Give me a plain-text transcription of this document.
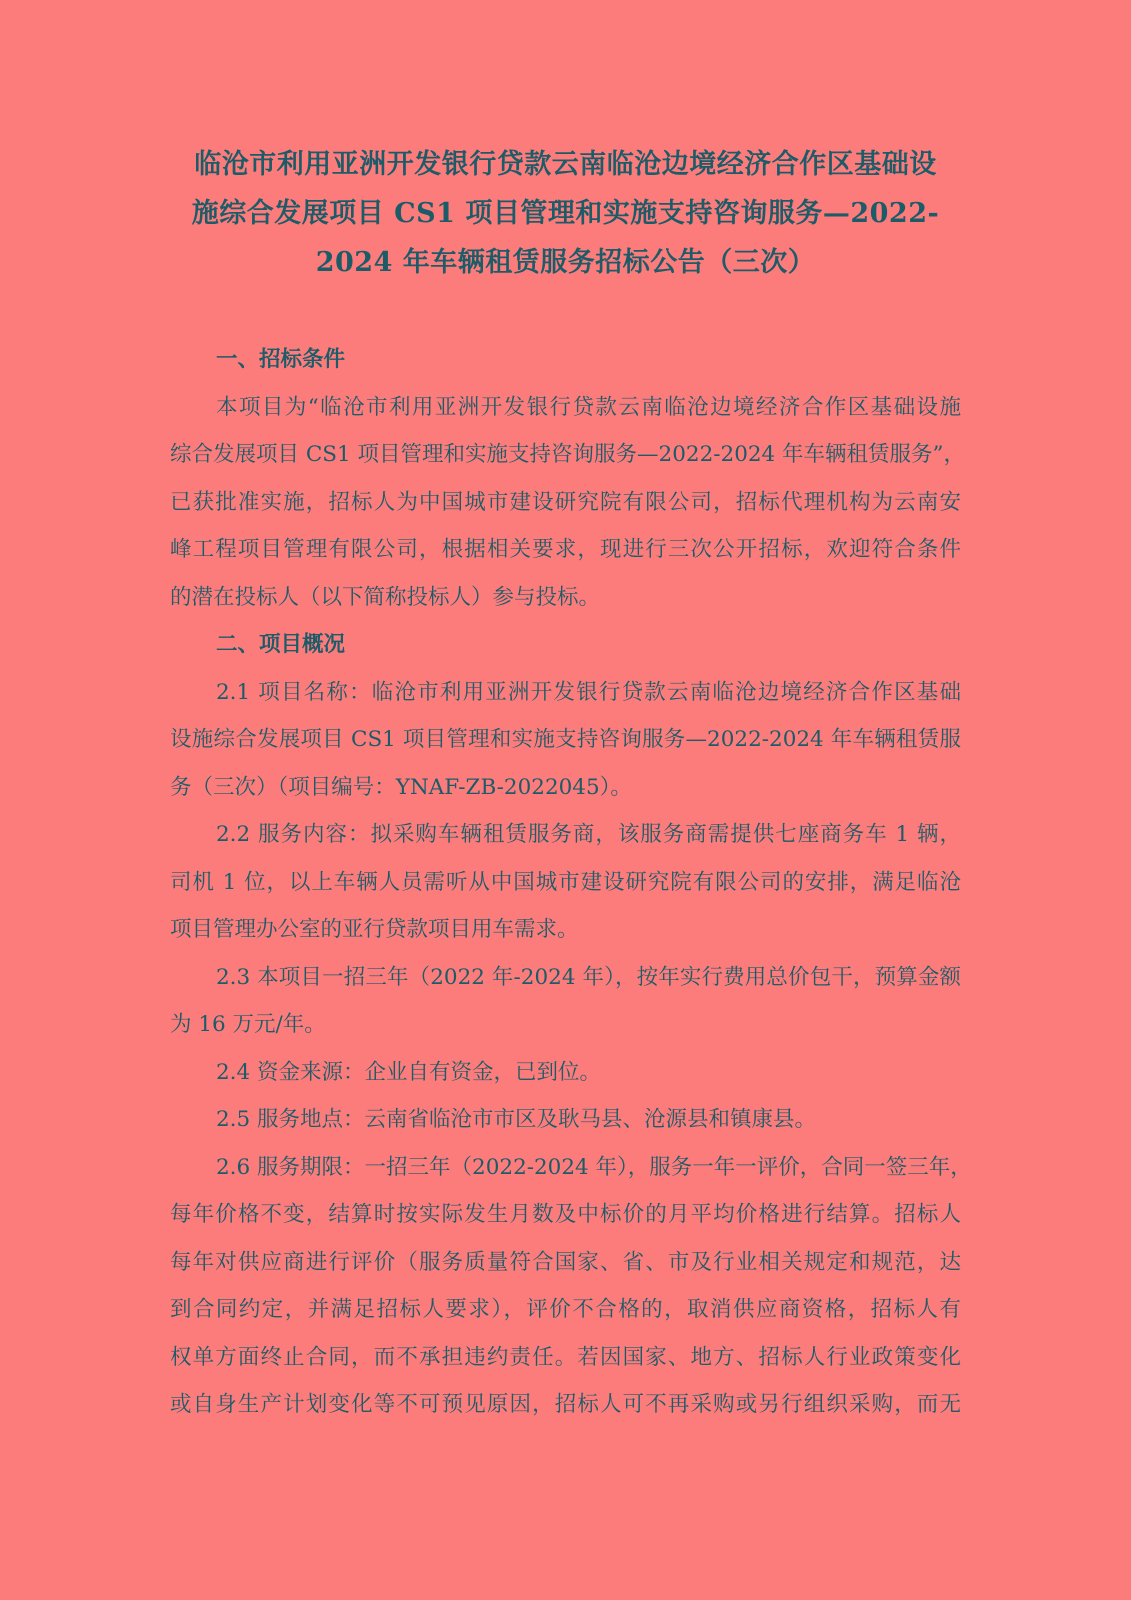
临沧市利用亚洲开发银行贷款云南临沧边境经济合作区基础设
施综合发展项目 CS1 项目管理和实施支持咨询服务—2022-
2024 年车辆租赁服务招标公告（三次）
一、招标条件
本项目为“临沧市利用亚洲开发银行贷款云南临沧边境经济合作区基础设施
综合发展项目 CS1 项目管理和实施支持咨询服务—2022-2024 年车辆租赁服务”，
已获批准实施，招标人为中国城市建设研究院有限公司，招标代理机构为云南安
峰工程项目管理有限公司，根据相关要求，现进行三次公开招标，欢迎符合条件
的潜在投标人（以下简称投标人）参与投标。
二、项目概况
2.1 项目名称：临沧市利用亚洲开发银行贷款云南临沧边境经济合作区基础
设施综合发展项目 CS1 项目管理和实施支持咨询服务—2022-2024 年车辆租赁服
务（三次）（项目编号：YNAF-ZB-2022045）。
2.2 服务内容：拟采购车辆租赁服务商，该服务商需提供七座商务车 1 辆，
司机 1 位，以上车辆人员需听从中国城市建设研究院有限公司的安排，满足临沧
项目管理办公室的亚行贷款项目用车需求。
2.3 本项目一招三年（2022 年-2024 年），按年实行费用总价包干，预算金额
为 16 万元/年。
2.4 资金来源：企业自有资金，已到位。
2.5 服务地点：云南省临沧市市区及耿马县、沧源县和镇康县。
2.6 服务期限：一招三年（2022-2024 年），服务一年一评价，合同一签三年，
每年价格不变，结算时按实际发生月数及中标价的月平均价格进行结算。招标人
每年对供应商进行评价（服务质量符合国家、省、市及行业相关规定和规范，达
到合同约定，并满足招标人要求），评价不合格的，取消供应商资格，招标人有
权单方面终止合同，而不承担违约责任。若因国家、地方、招标人行业政策变化
或自身生产计划变化等不可预见原因，招标人可不再采购或另行组织采购，而无
